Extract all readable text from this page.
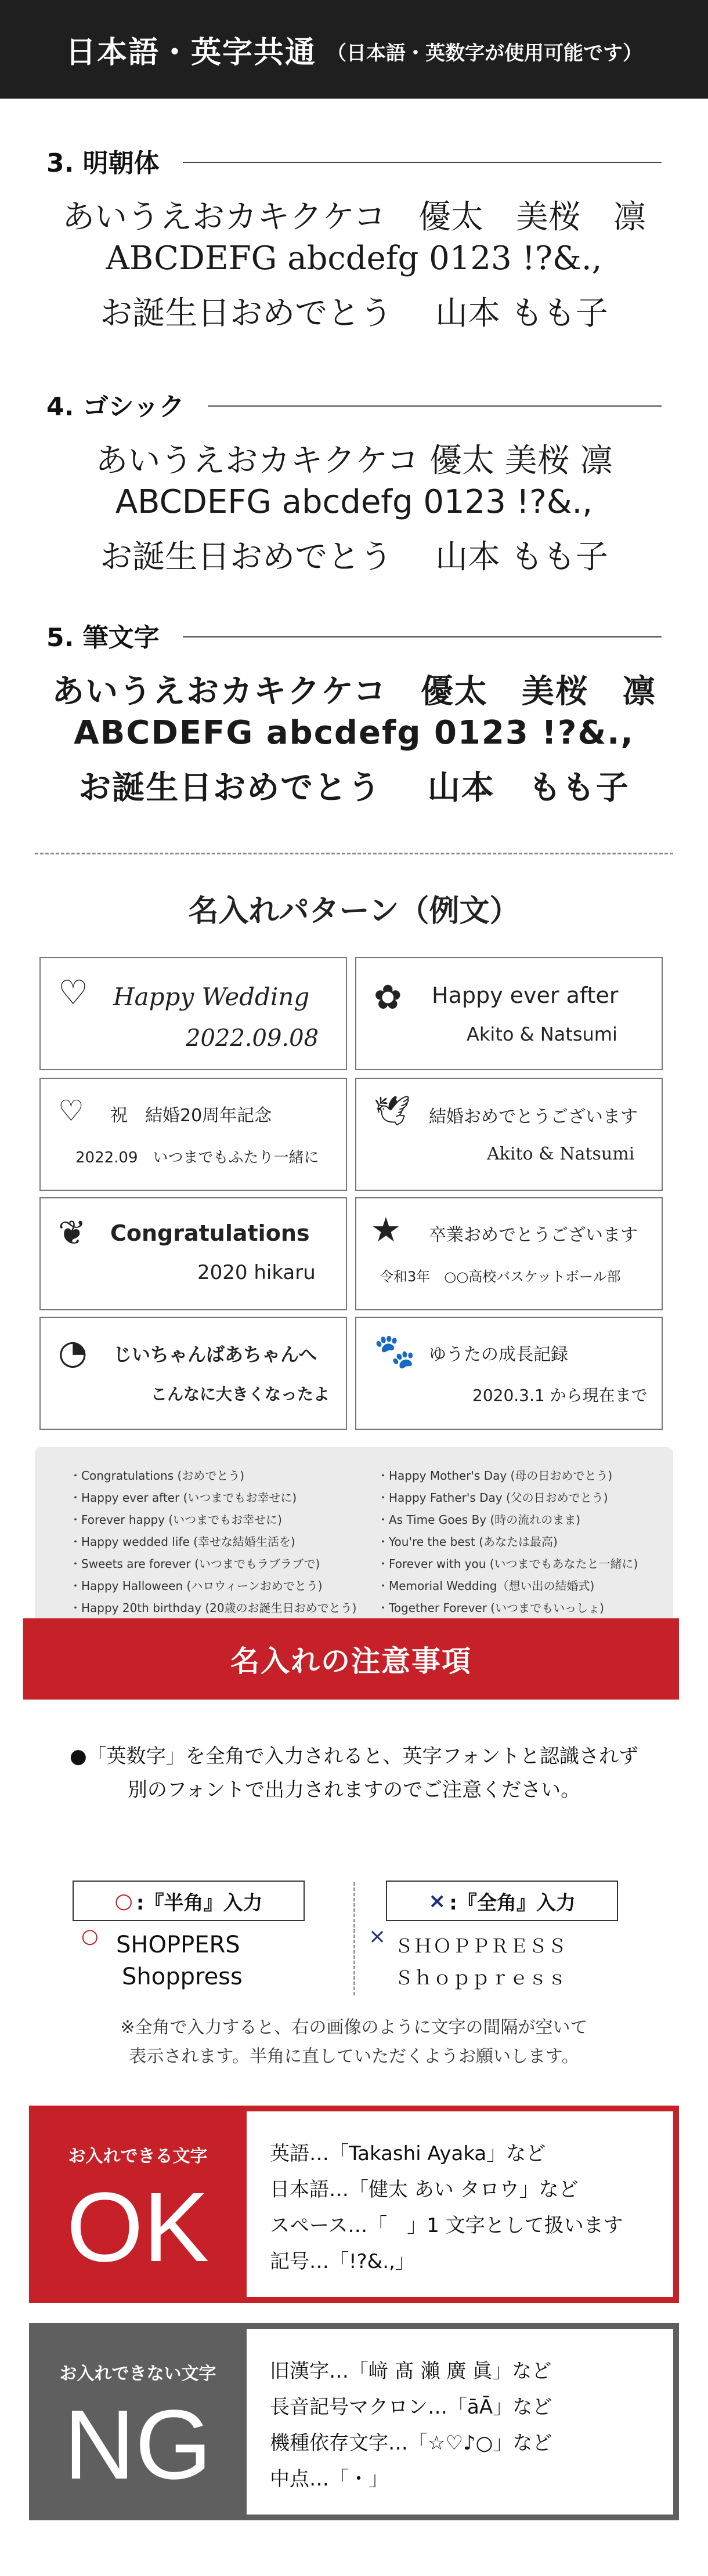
日本語・英字共通 （日本語・英数字が使用可能です）
3. 明朝体
あいうえおカキクケコ　優太　美桜　凛
ABCDEFG abcdefg 0123 !?&.,
お誕生日おめでとう　 山本 もも子
4. ゴシック
あいうえおカキクケコ 優太 美桜 凛
ABCDEFG abcdefg 0123 !?&.,
お誕生日おめでとう　 山本 もも子
5. 筆文字
あいうえおカキクケコ　優太　美桜　凛
ABCDEFG abcdefg 0123 !?&.,
お誕生日おめでとう　 山本　もも子
名入れパターン（例文）
♡ Happy Wedding
2022.09.08
✿ Happy ever after
Akito & Natsumi
♡ 祝　結婚20周年記念
2022.09　いつまでもふたり一緒に
🕊 結婚おめでとうございます
Akito & Natsumi
❦ Congratulations
2020 hikaru
★ 卒業おめでとうございます
令和3年　○○高校バスケットボール部
◔ じいちゃんばあちゃんへ
こんなに大きくなったよ
🐾 ゆうたの成長記録
2020.3.1 から現在まで
・Congratulations (おめでとう)
・Happy ever after (いつまでもお幸せに)
・Forever happy (いつまでもお幸せに)
・Happy wedded life (幸せな結婚生活を)
・Sweets are forever (いつまでもラブラブで)
・Happy Halloween (ハロウィーンおめでとう)
・Happy 20th birthday (20歳のお誕生日おめでとう)
・Happy Mother's Day (母の日おめでとう)
・Happy Father's Day (父の日おめでとう)
・As Time Goes By (時の流れのまま)
・You're the best (あなたは最高)
・Forever with you (いつまでもあなたと一緒に)
・Memorial Wedding（想い出の結婚式)
・Together Forever (いつまでもいっしょ)
名入れの注意事項
●「英数字」を全角で入力されると、英字フォントと認識されず
別のフォントで出力されますのでご注意ください。
○ :『半角』入力	× :『全角』入力
○ SHOPPERS
Shoppress
× ＳＨＯＰＰＲＥＳＳ
Ｓｈｏｐｐｒｅｓｓ
※全角で入力すると、右の画像のように文字の間隔が空いて
表示されます。半角に直していただくようお願いします。
お入れできる文字
OK
英語…「Takashi Ayaka」など
日本語…「健太 あい タロウ」など
スペース…「　」1 文字として扱います
記号…「!?&.,」
お入れできない文字
NG
旧漢字…「﨑 髙 瀨 廣 眞」など
長音記号マクロン…「āĀ」など
機種依存文字…「☆♡♪○」など
中点…「・」
